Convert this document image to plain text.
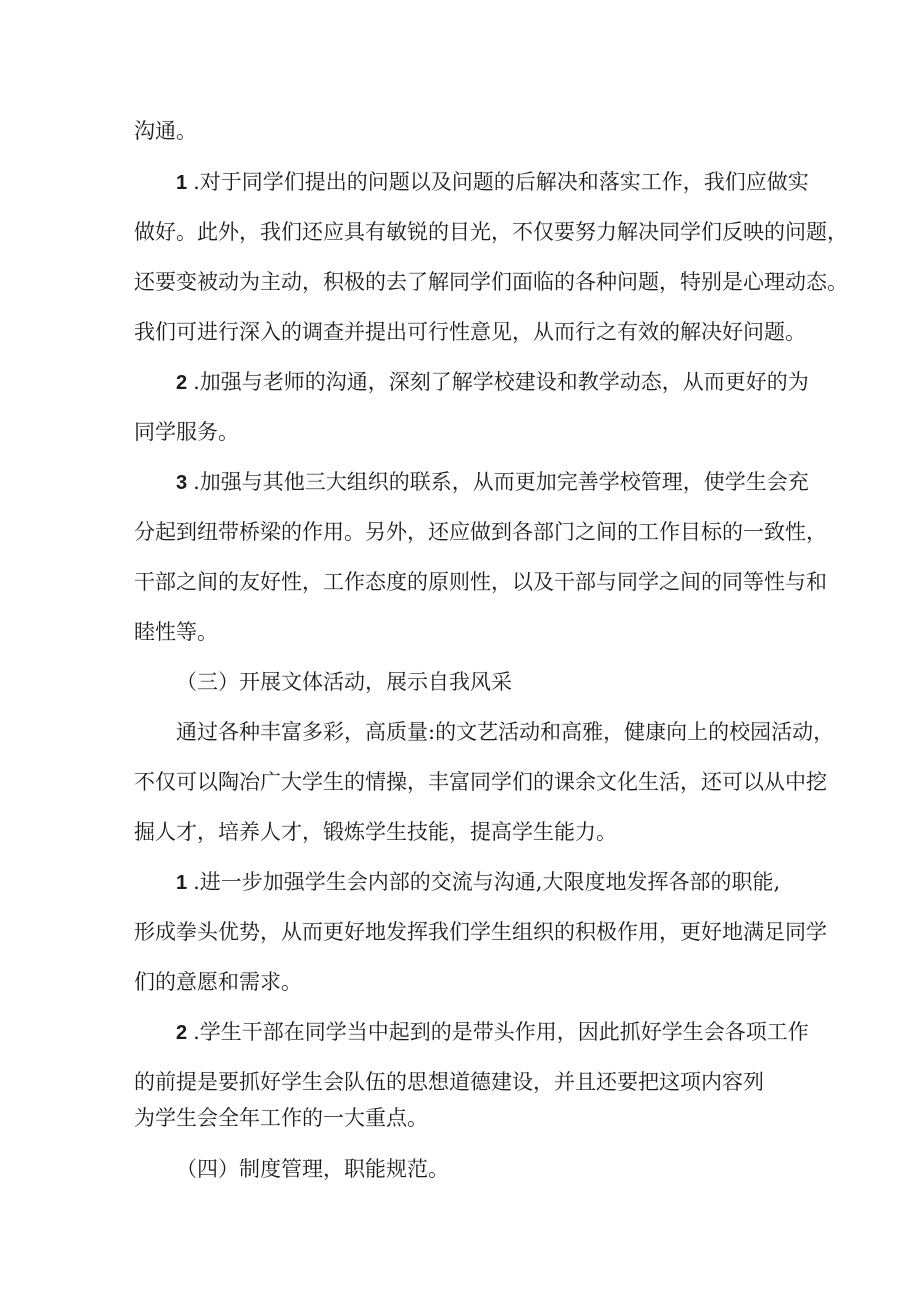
沟通。
1 .对于同学们提出的问题以及问题的后解决和落实工作，我们应做实
做好。此外，我们还应具有敏锐的目光，不仅要努力解决同学们反映的问题，
还要变被动为主动，积极的去了解同学们面临的各种问题，特别是心理动态。
我们可进行深入的调查并提出可行性意见，从而行之有效的解决好问题。
2 .加强与老师的沟通，深刻了解学校建设和教学动态，从而更好的为
同学服务。
3 .加强与其他三大组织的联系，从而更加完善学校管理，使学生会充
分起到纽带桥梁的作用。另外，还应做到各部门之间的工作目标的一致性，
干部之间的友好性，工作态度的原则性，以及干部与同学之间的同等性与和
睦性等。
（三）开展文体活动，展示自我风采
通过各种丰富多彩，高质量:的文艺活动和高雅，健康向上的校园活动，
不仅可以陶冶广大学生的情操，丰富同学们的课余文化生活，还可以从中挖
掘人才，培养人才，锻炼学生技能，提高学生能力。
1 .进一步加强学生会内部的交流与沟通,大限度地发挥各部的职能,
形成拳头优势，从而更好地发挥我们学生组织的积极作用，更好地满足同学
们的意愿和需求。
2 .学生干部在同学当中起到的是带头作用，因此抓好学生会各项工作
的前提是要抓好学生会队伍的思想道德建设，并且还要把这项内容列
为学生会全年工作的一大重点。
（四）制度管理，职能规范。
